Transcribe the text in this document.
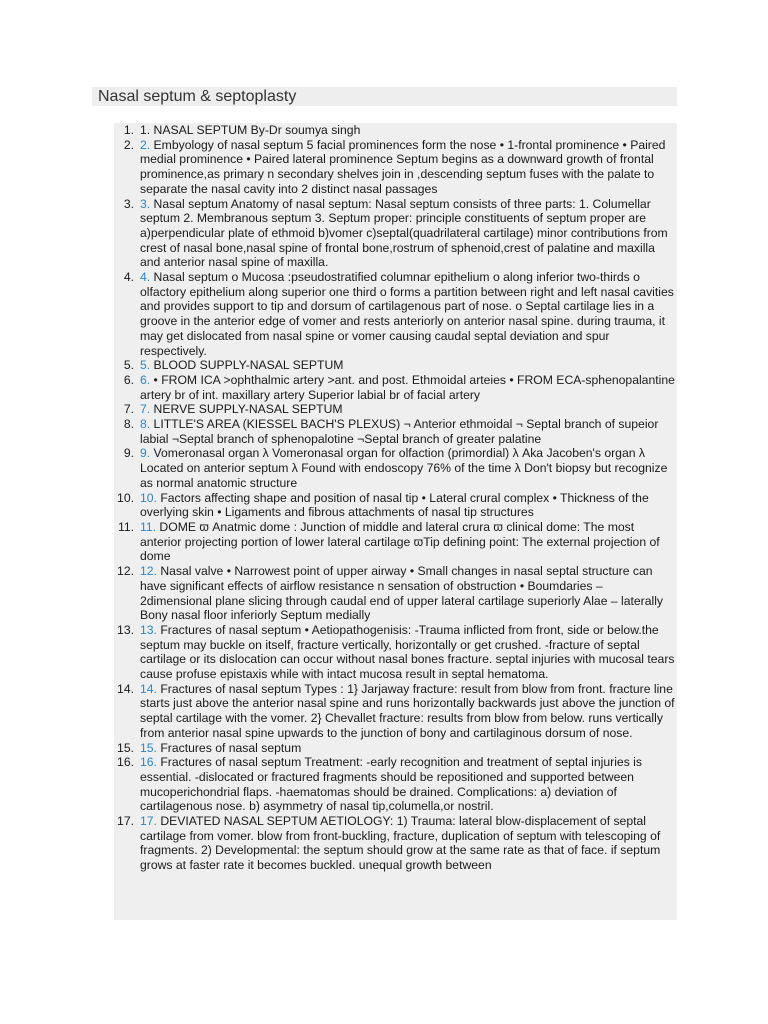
Nasal septum & septoplasty
1. 1. NASAL SEPTUM By-Dr soumya singh
2. 2. Embyology of nasal septum 5 facial prominences form the nose • 1-frontal prominence • Paired medial prominence • Paired lateral prominence Septum begins as a downward growth of frontal prominence,as primary n secondary shelves join in ,descending septum fuses with the palate to separate the nasal cavity into 2 distinct nasal passages
3. 3. Nasal septum Anatomy of nasal septum: Nasal septum consists of three parts: 1. Columellar septum 2. Membranous septum 3. Septum proper: principle constituents of septum proper are a)perpendicular plate of ethmoid b)vomer c)septal(quadrilateral cartilage) minor contributions from crest of nasal bone,nasal spine of frontal bone,rostrum of sphenoid,crest of palatine and maxilla and anterior nasal spine of maxilla.
4. 4. Nasal septum o Mucosa :pseudostratified columnar epithelium o along inferior two-thirds o olfactory epithelium along superior one third o forms a partition between right and left nasal cavities and provides support to tip and dorsum of cartilagenous part of nose. o Septal cartilage lies in a groove in the anterior edge of vomer and rests anteriorly on anterior nasal spine. during trauma, it may get dislocated from nasal spine or vomer causing caudal septal deviation and spur respectively.
5. 5. BLOOD SUPPLY-NASAL SEPTUM
6. 6. • FROM ICA >ophthalmic artery >ant. and post. Ethmoidal arteies • FROM ECA-sphenopalantine artery br of int. maxillary artery Superior labial br of facial artery
7. 7. NERVE SUPPLY-NASAL SEPTUM
8. 8. LITTLE'S AREA (KIESSEL BACH'S PLEXUS) ¬ Anterior ethmoidal ¬ Septal branch of supeior labial ¬Septal branch of sphenopalotine ¬Septal branch of greater palatine
9. 9. Vomeronasal organ λ Vomeronasal organ for olfaction (primordial) λ Aka Jacoben's organ λ Located on anterior septum λ Found with endoscopy 76% of the time λ Don't biopsy but recognize as normal anatomic structure
10. 10. Factors affecting shape and position of nasal tip • Lateral crural complex • Thickness of the overlying skin • Ligaments and fibrous attachments of nasal tip structures
11. 11. DOME ϖ Anatmic dome : Junction of middle and lateral crura ϖ clinical dome: The most anterior projecting portion of lower lateral cartilage ϖTip defining point: The external projection of dome
12. 12. Nasal valve • Narrowest point of upper airway • Small changes in nasal septal structure can have significant effects of airflow resistance n sensation of obstruction • Boumdaries – 2dimensional plane slicing through caudal end of upper lateral cartilage superiorly Alae – laterally Bony nasal floor inferiorly Septum medially
13. 13. Fractures of nasal septum • Aetiopathogenisis: -Trauma inflicted from front, side or below.the septum may buckle on itself, fracture vertically, horizontally or get crushed. -fracture of septal cartilage or its dislocation can occur without nasal bones fracture. septal injuries with mucosal tears cause profuse epistaxis while with intact mucosa result in septal hematoma.
14. 14. Fractures of nasal septum Types : 1} Jarjaway fracture: result from blow from front. fracture line starts just above the anterior nasal spine and runs horizontally backwards just above the junction of septal cartilage with the vomer. 2} Chevallet fracture: results from blow from below. runs vertically from anterior nasal spine upwards to the junction of bony and cartilaginous dorsum of nose.
15. 15. Fractures of nasal septum
16. 16. Fractures of nasal septum Treatment: -early recognition and treatment of septal injuries is essential. -dislocated or fractured fragments should be repositioned and supported between mucoperichondrial flaps. -haematomas should be drained. Complications: a) deviation of cartilagenous nose. b) asymmetry of nasal tip,columella,or nostril.
17. 17. DEVIATED NASAL SEPTUM AETIOLOGY: 1) Trauma: lateral blow-displacement of septal cartilage from vomer. blow from front-buckling, fracture, duplication of septum with telescoping of fragments. 2) Developmental: the septum should grow at the same rate as that of face. if septum grows at faster rate it becomes buckled. unequal growth between
